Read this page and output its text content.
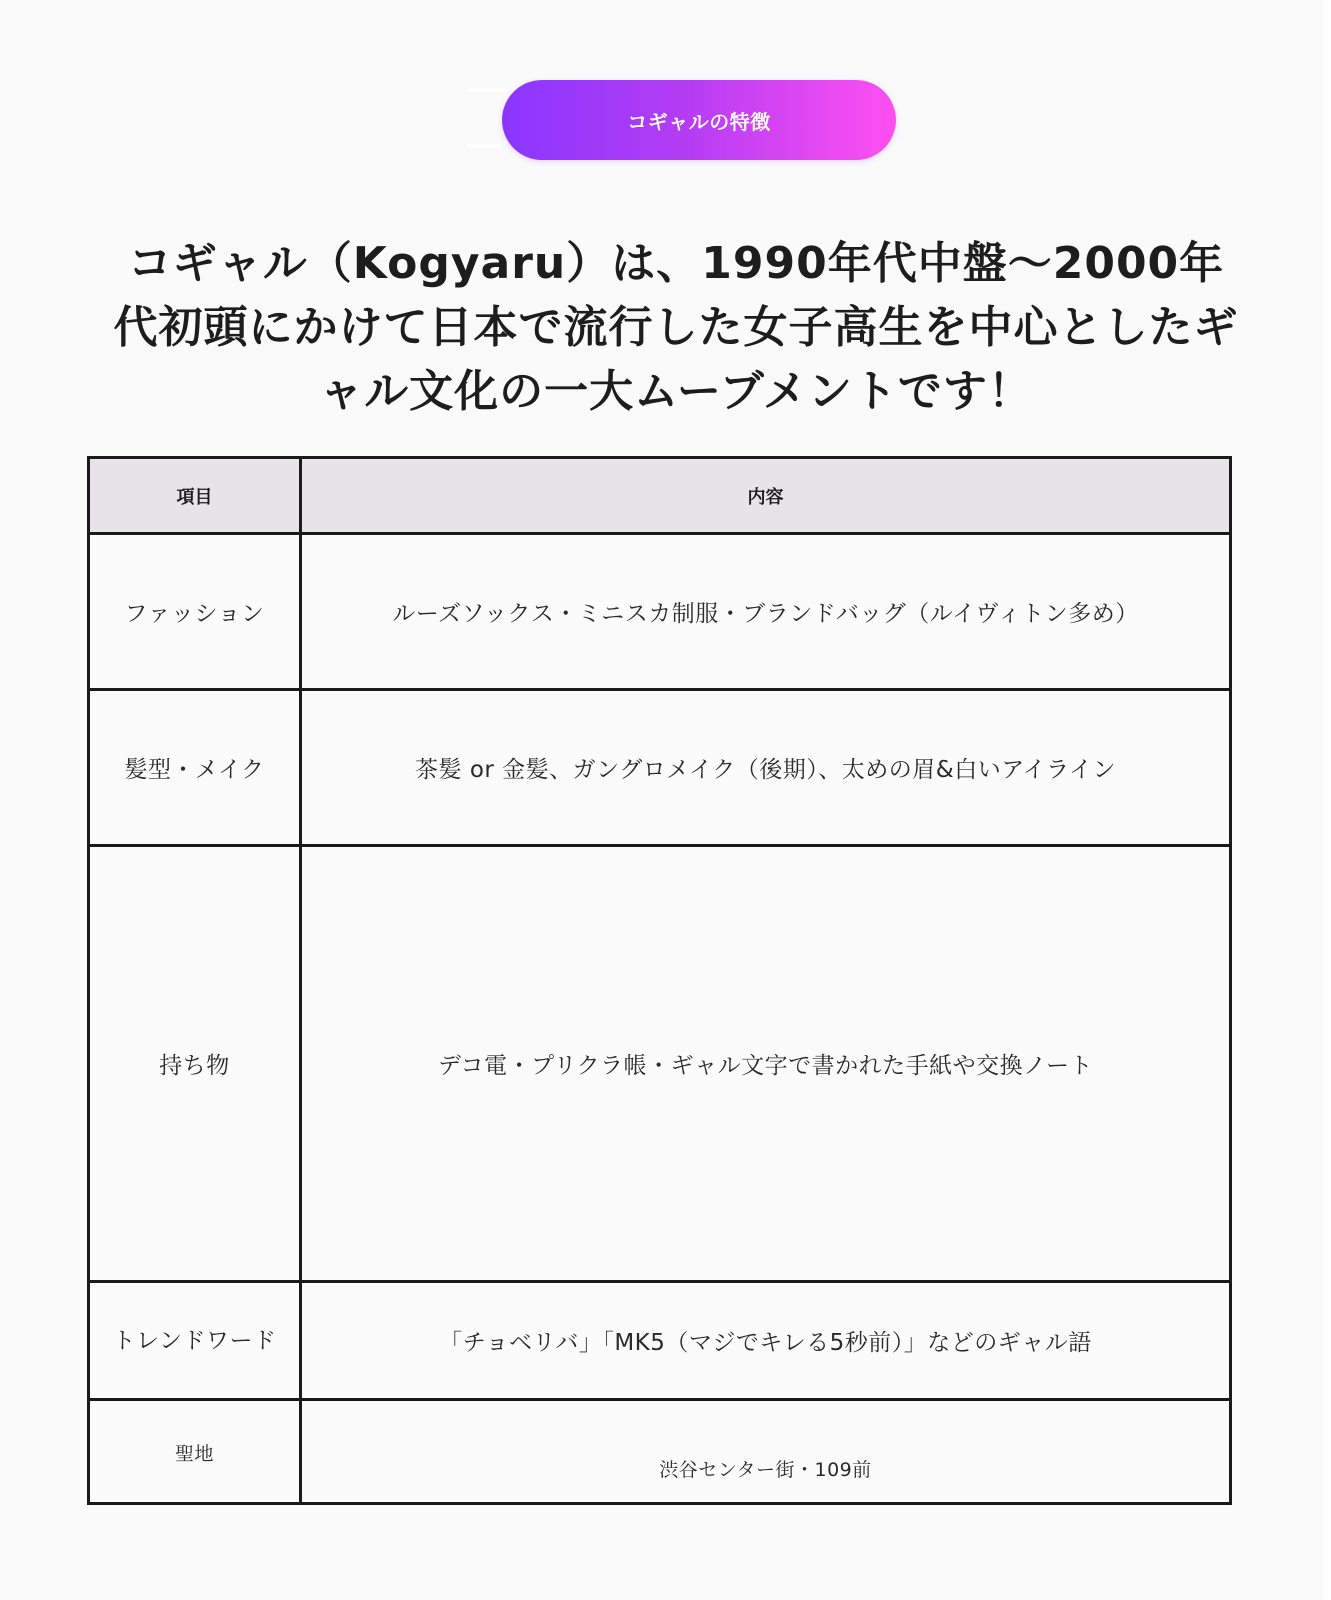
コギャルの特徴
コギャル（Kogyaru）は、1990年代中盤〜2000年代初頭にかけて日本で流行した女子高生を中心としたギャル文化の一大ムーブメントです！
項目	内容
ファッション	ルーズソックス・ミニスカ制服・ブランドバッグ（ルイヴィトン多め）
髪型・メイク	茶髪 or 金髪、ガングロメイク（後期）、太めの眉&白いアイライン
持ち物	デコ電・プリクラ帳・ギャル文字で書かれた手紙や交換ノート
トレンドワード	「チョベリバ」「MK5（マジでキレる5秒前）」などのギャル語
聖地	渋谷センター街・109前
